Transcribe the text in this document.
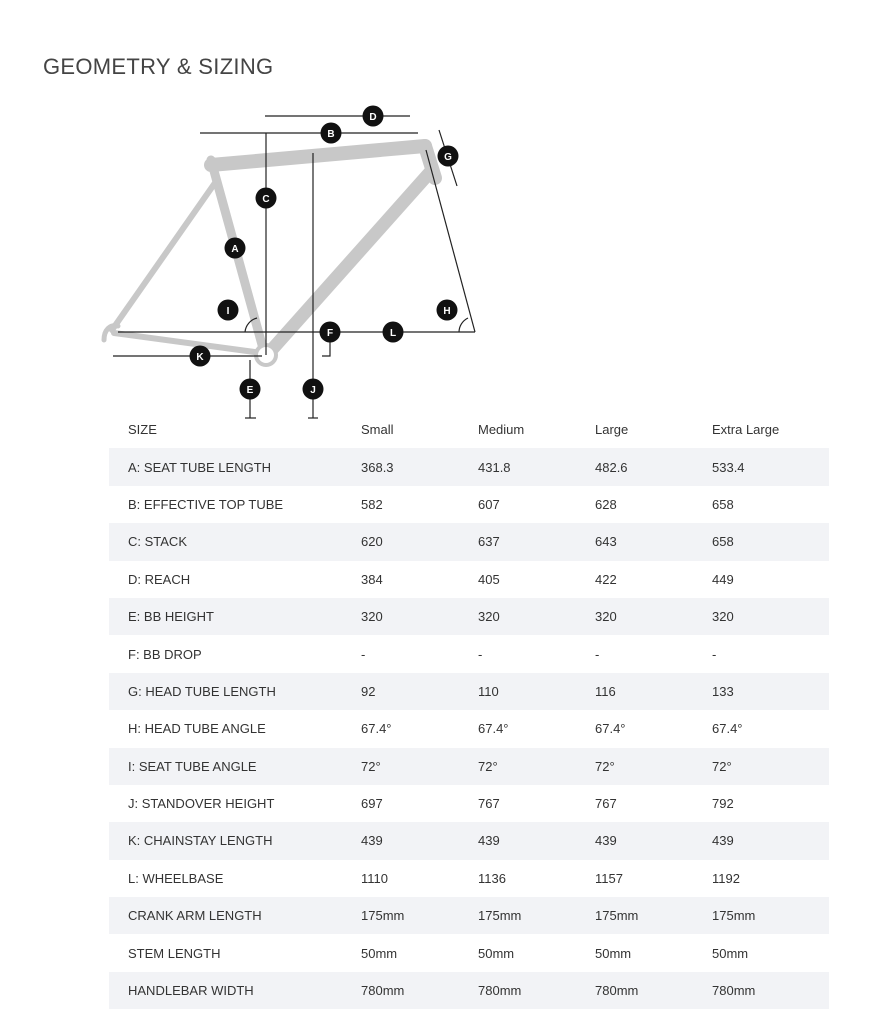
GEOMETRY & SIZING
A
B
C
D
E
F
G
H
I
J
K
L
SIZE	Small	Medium	Large	Extra Large
A: SEAT TUBE LENGTH	368.3	431.8	482.6	533.4
B: EFFECTIVE TOP TUBE	582	607	628	658
C: STACK	620	637	643	658
D: REACH	384	405	422	449
E: BB HEIGHT	320	320	320	320
F: BB DROP	-	-	-	-
G: HEAD TUBE LENGTH	92	110	116	133
H: HEAD TUBE ANGLE	67.4°	67.4°	67.4°	67.4°
I: SEAT TUBE ANGLE	72°	72°	72°	72°
J: STANDOVER HEIGHT	697	767	767	792
K: CHAINSTAY LENGTH	439	439	439	439
L: WHEELBASE	1110	1136	1157	1192
CRANK ARM LENGTH	175mm	175mm	175mm	175mm
STEM LENGTH	50mm	50mm	50mm	50mm
HANDLEBAR WIDTH	780mm	780mm	780mm	780mm
